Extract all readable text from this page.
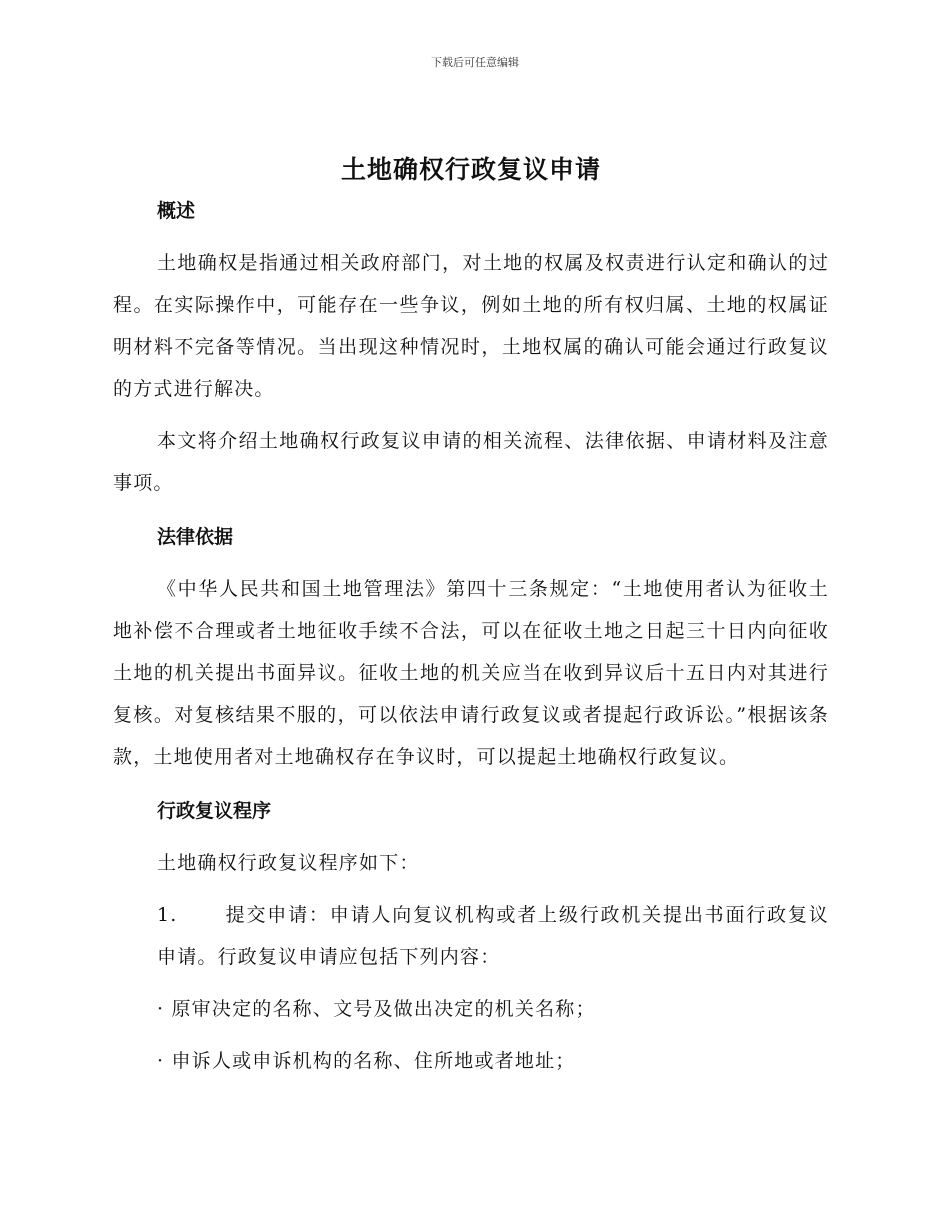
下载后可任意编辑
土地确权行政复议申请
概述

土地确权是指通过相关政府部门，对土地的权属及权责进行认定和确认的过程。在实际操作中，可能存在一些争议，例如土地的所有权归属、土地的权属证明材料不完备等情况。当出现这种情况时，土地权属的确认可能会通过行政复议的方式进行解决。

本文将介绍土地确权行政复议申请的相关流程、法律依据、申请材料及注意事项。

法律依据

《中华人民共和国土地管理法》第四十三条规定：“土地使用者认为征收土地补偿不合理或者土地征收手续不合法，可以在征收土地之日起三十日内向征收土地的机关提出书面异议。征收土地的机关应当在收到异议后十五日内对其进行复核。对复核结果不服的，可以依法申请行政复议或者提起行政诉讼。”根据该条款，土地使用者对土地确权存在争议时，可以提起土地确权行政复议。

行政复议程序

土地确权行政复议程序如下：

1. 提交申请：申请人向复议机构或者上级行政机关提出书面行政复议申请。行政复议申请应包括下列内容：

· 原审决定的名称、文号及做出决定的机关名称；

· 申诉人或申诉机构的名称、住所地或者地址；
